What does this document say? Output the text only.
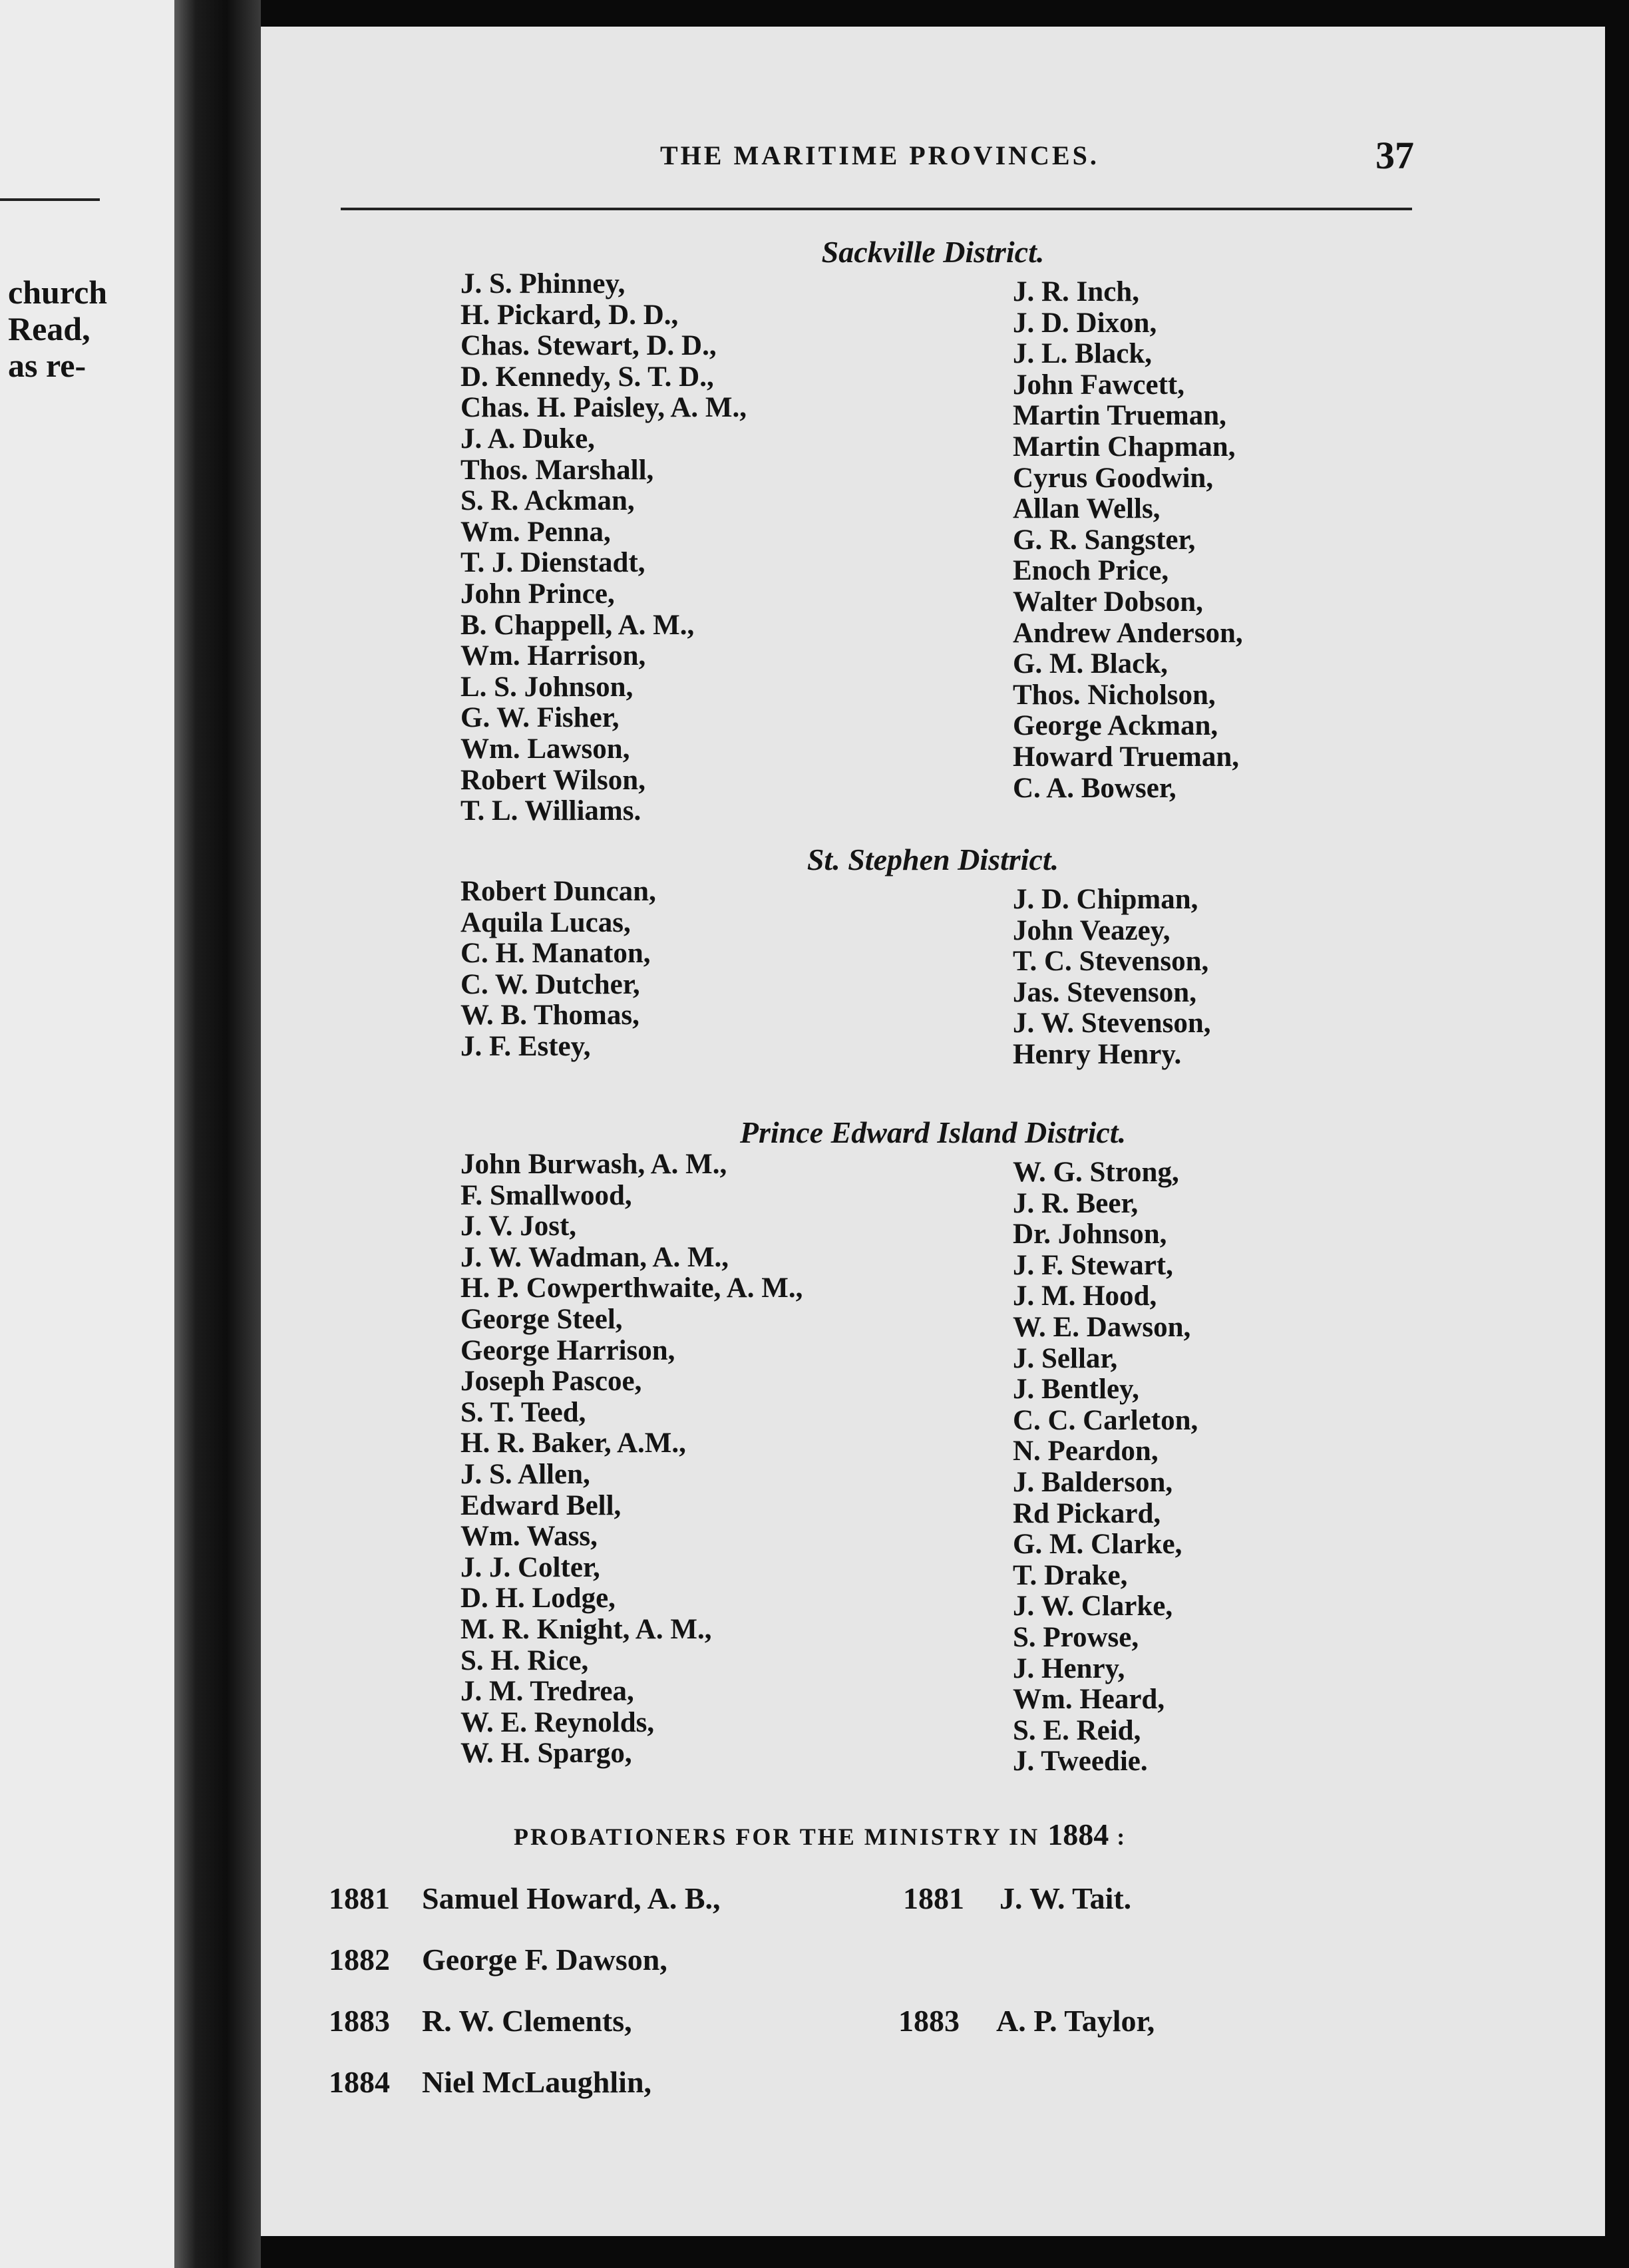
church
Read,
as re-
THE MARITIME PROVINCES.	37
Sackville District.
J. S. Phinney,
H. Pickard, D. D.,
Chas. Stewart, D. D.,
D. Kennedy, S. T. D.,
Chas. H. Paisley, A. M.,
J. A. Duke,
Thos. Marshall,
S. R. Ackman,
Wm. Penna,
T. J. Dienstadt,
John Prince,
B. Chappell, A. M.,
Wm. Harrison,
L. S. Johnson,
G. W. Fisher,
Wm. Lawson,
Robert Wilson,
T. L. Williams.
J. R. Inch,
J. D. Dixon,
J. L. Black,
John Fawcett,
Martin Trueman,
Martin Chapman,
Cyrus Goodwin,
Allan Wells,
G. R. Sangster,
Enoch Price,
Walter Dobson,
Andrew Anderson,
G. M. Black,
Thos. Nicholson,
George Ackman,
Howard Trueman,
C. A. Bowser,
St. Stephen District.
Robert Duncan,
Aquila Lucas,
C. H. Manaton,
C. W. Dutcher,
W. B. Thomas,
J. F. Estey,
J. D. Chipman,
John Veazey,
T. C. Stevenson,
Jas. Stevenson,
J. W. Stevenson,
Henry Henry.
Prince Edward Island District.
John Burwash, A. M.,
F. Smallwood,
J. V. Jost,
J. W. Wadman, A. M.,
H. P. Cowperthwaite, A. M.,
George Steel,
George Harrison,
Joseph Pascoe,
S. T. Teed,
H. R. Baker, A.M.,
J. S. Allen,
Edward Bell,
Wm. Wass,
J. J. Colter,
D. H. Lodge,
M. R. Knight, A. M.,
S. H. Rice,
J. M. Tredrea,
W. E. Reynolds,
W. H. Spargo,
W. G. Strong,
J. R. Beer,
Dr. Johnson,
J. F. Stewart,
J. M. Hood,
W. E. Dawson,
J. Sellar,
J. Bentley,
C. C. Carleton,
N. Peardon,
J. Balderson,
Rd Pickard,
G. M. Clarke,
T. Drake,
J. W. Clarke,
S. Prowse,
J. Henry,
Wm. Heard,
S. E. Reid,
J. Tweedie.
PROBATIONERS FOR THE MINISTRY IN 1884 :
1881 Samuel Howard, A. B.,	1881 J. W. Tait.
1882 George F. Dawson,
1883 R. W. Clements,	1883 A. P. Taylor,
1884 Niel McLaughlin,
